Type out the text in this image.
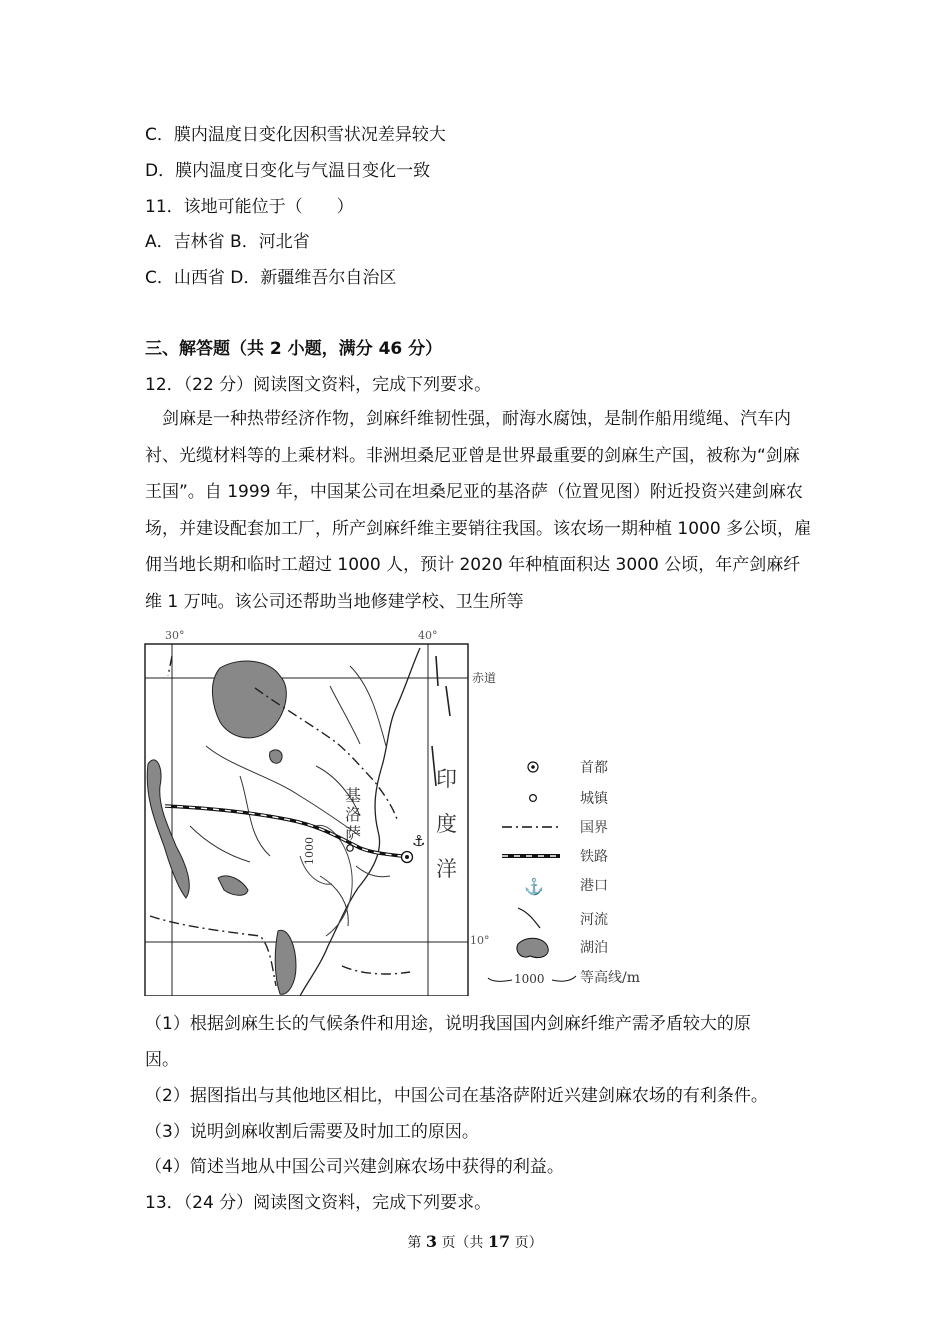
C．膜内温度日变化因积雪状况差异较大
D．膜内温度日变化与气温日变化一致
11．该地可能位于（　　）
A．吉林省 B．河北省
C．山西省 D．新疆维吾尔自治区
三、解答题（共 2 小题，满分 46 分）
12．（22 分）阅读图文资料，完成下列要求。
剑麻是一种热带经济作物，剑麻纤维韧性强，耐海水腐蚀，是制作船用缆绳、汽车内衬、光缆材料等的上乘材料。非洲坦桑尼亚曾是世界最重要的剑麻生产国，被称为“剑麻王国”。自 1999 年，中国某公司在坦桑尼亚的基洛萨（位置见图）附近投资兴建剑麻农场，并建设配套加工厂，所产剑麻纤维主要销往我国。该农场一期种植 1000 多公顷，雇佣当地长期和临时工超过 1000 人，预计 2020 年种植面积达 3000 公顷，年产剑麻纤维 1 万吨。该公司还帮助当地修建学校、卫生所等
30°	40°
赤道
10°
1000	⚓
基
洛
萨
印
度
洋
首都
城镇
国界
铁路
⚓	港口
河流
湖泊
1000	等高线/m
（1）根据剑麻生长的气候条件和用途，说明我国国内剑麻纤维产需矛盾较大的原
因。
（2）据图指出与其他地区相比，中国公司在基洛萨附近兴建剑麻农场的有利条件。
（3）说明剑麻收割后需要及时加工的原因。
（4）简述当地从中国公司兴建剑麻农场中获得的利益。
13．（24 分）阅读图文资料，完成下列要求。
第 3 页（共 17 页）
